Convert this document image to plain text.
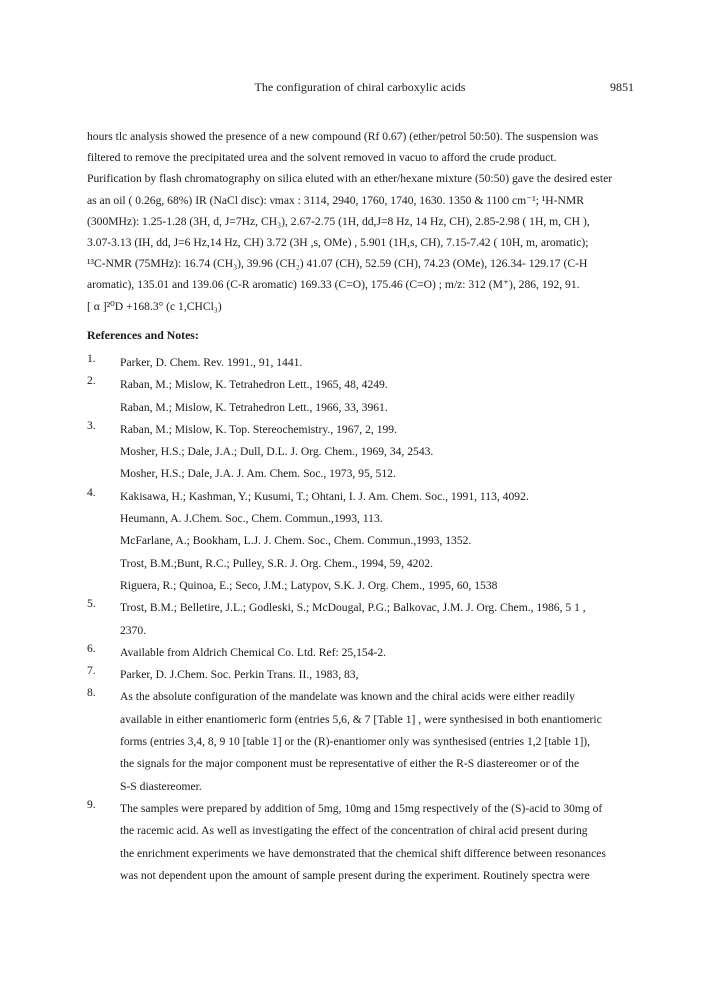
The configuration of chiral carboxylic acids	9851
hours tlc analysis showed the presence of a new compound (Rf 0.67) (ether/petrol 50:50). The suspension was
filtered to remove the precipitated urea and the solvent removed in vacuo to afford the crude product.
Purification by flash chromatography on silica eluted with an ether/hexane mixture (50:50) gave the desired ester
as an oil ( 0.26g, 68%) IR (NaCl disc): νmax : 3114, 2940, 1760, 1740, 1630. 1350 & 1100 cm⁻¹; ¹H-NMR
(300MHz): 1.25-1.28 (3H, d, J=7Hz, CH₃), 2.67-2.75 (1H, dd,J=8 Hz, 14 Hz, CH), 2.85-2.98 ( 1H, m, CH ),
3.07-3.13 (IH, dd, J=6 Hz,14 Hz, CH) 3.72 (3H ,s, OMe) , 5.901 (1H,s, CH), 7.15-7.42 ( 10H, m, aromatic);
¹³C-NMR (75MHz): 16.74 (CH₃), 39.96 (CH₂) 41.07 (CH), 52.59 (CH), 74.23 (OMe), 126.34- 129.17 (C-H
aromatic), 135.01 and 139.06 (C-R aromatic) 169.33 (C=O), 175.46 (C=O) ; m/z: 312 (M⁺), 286, 192, 91.
[ α ]²⁰D +168.3° (c 1,CHCl₃)
References and Notes:
1. Parker, D. Chem. Rev. 1991., 91, 1441.
2. Raban, M.; Mislow, K. Tetrahedron Lett., 1965, 48, 4249.
Raban, M.; Mislow, K. Tetrahedron Lett., 1966, 33, 3961.
3. Raban, M.; Mislow, K. Top. Stereochemistry., 1967, 2, 199.
Mosher, H.S.; Dale, J.A.; Dull, D.L. J. Org. Chem., 1969, 34, 2543.
Mosher, H.S.; Dale, J.A. J. Am. Chem. Soc., 1973, 95, 512.
4. Kakisawa, H.; Kashman, Y.; Kusumi, T.; Ohtani, I. J. Am. Chem. Soc., 1991, 113, 4092.
Heumann, A. J.Chem. Soc., Chem. Commun.,1993, 113.
McFarlane, A.; Bookham, L.J. J. Chem. Soc., Chem. Commun.,1993, 1352.
Trost, B.M.;Bunt, R.C.; Pulley, S.R. J. Org. Chem., 1994, 59, 4202.
Riguera, R.; Quinoa, E.; Seco, J.M.; Latypov, S.K. J. Org. Chem., 1995, 60, 1538
5. Trost, B.M.; Belletire, J.L.; Godleski, S.; McDougal, P.G.; Balkovac, J.M. J. Org. Chem., 1986, 5 1 ,
2370.
6. Available from Aldrich Chemical Co. Ltd. Ref: 25,154-2.
7. Parker, D. J.Chem. Soc. Perkin Trans. II., 1983, 83,
8. As the absolute configuration of the mandelate was known and the chiral acids were either readily
available in either enantiomeric form (entries 5,6, & 7 [Table 1] , were synthesised in both enantiomeric
forms (entries 3,4, 8, 9 10 [table 1] or the (R)-enantiomer only was synthesised (entries 1,2 [table 1]),
the signals for the major component must be representative of either the R-S diastereomer or of the
S-S diastereomer.
9. The samples were prepared by addition of 5mg, 10mg and 15mg respectively of the (S)-acid to 30mg of
the racemic acid. As well as investigating the effect of the concentration of chiral acid present during
the enrichment experiments we have demonstrated that the chemical shift difference between resonances
was not dependent upon the amount of sample present during the experiment. Routinely spectra were
